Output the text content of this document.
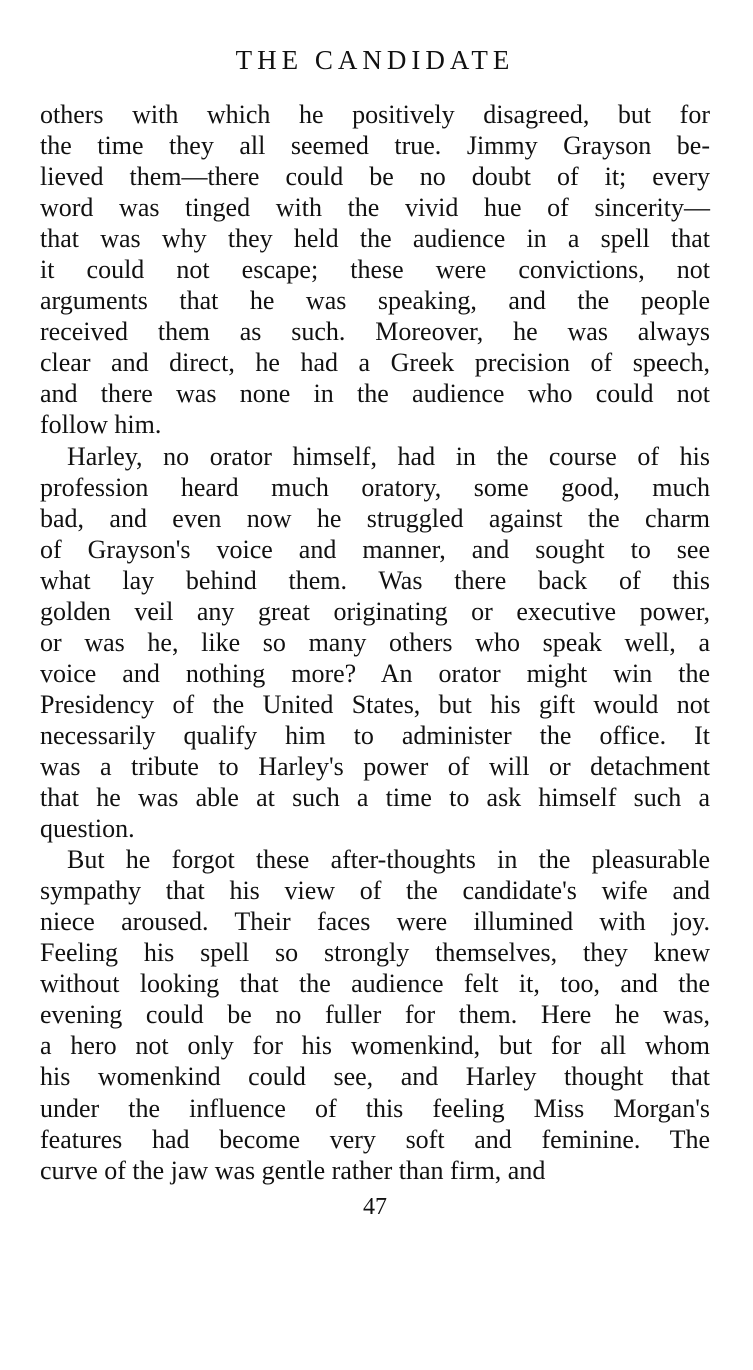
THE CANDIDATE
others with which he positively disagreed, but for
the time they all seemed true. Jimmy Grayson be-
lieved them—there could be no doubt of it; every
word was tinged with the vivid hue of sincerity—
that was why they held the audience in a spell that
it could not escape; these were convictions, not
arguments that he was speaking, and the people
received them as such. Moreover, he was always
clear and direct, he had a Greek precision of speech,
and there was none in the audience who could not
follow him.
Harley, no orator himself, had in the course of his
profession heard much oratory, some good, much
bad, and even now he struggled against the charm
of Grayson's voice and manner, and sought to see
what lay behind them. Was there back of this
golden veil any great originating or executive power,
or was he, like so many others who speak well, a
voice and nothing more? An orator might win the
Presidency of the United States, but his gift would not
necessarily qualify him to administer the office. It
was a tribute to Harley's power of will or detachment
that he was able at such a time to ask himself such a
question.
But he forgot these after-thoughts in the pleasurable
sympathy that his view of the candidate's wife and
niece aroused. Their faces were illumined with joy.
Feeling his spell so strongly themselves, they knew
without looking that the audience felt it, too, and the
evening could be no fuller for them. Here he was,
a hero not only for his womenkind, but for all whom
his womenkind could see, and Harley thought that
under the influence of this feeling Miss Morgan's
features had become very soft and feminine. The
curve of the jaw was gentle rather than firm, and
47
